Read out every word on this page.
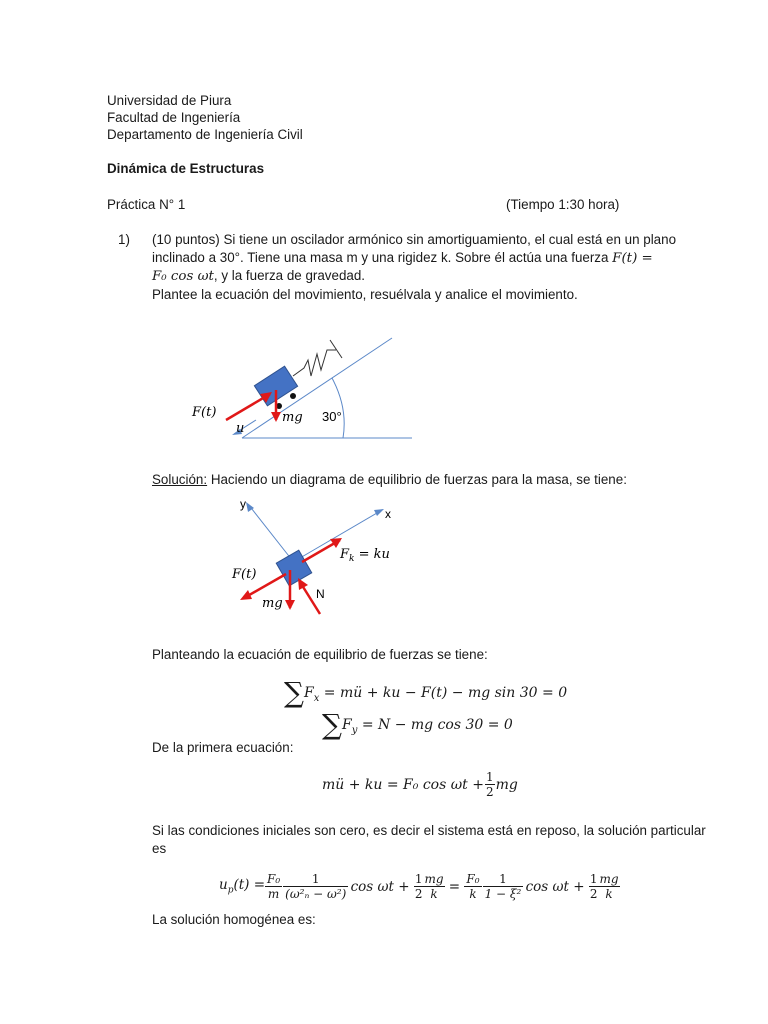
Universidad de Piura
Facultad de Ingeniería
Departamento de Ingeniería Civil
Dinámica de Estructuras
Práctica N° 1	(Tiempo 1:30 hora)
1) (10 puntos) Si tiene un oscilador armónico sin amortiguamiento, el cual está en un plano
inclinado a 30°. Tiene una masa m y una rigidez k. Sobre él actúa una fuerza F(t) =
F₀ cos ωt, y la fuerza de gravedad.
Plantee la ecuación del movimiento, resuélvala y analice el movimiento.
F(t)	mg 30°
u
Solución: Haciendo un diagrama de equilibrio de fuerzas para la masa, se tiene:
y
x
$F_k$ = ku
F(t)
mg
N
Planteando la ecuación de equilibrio de fuerzas se tiene:
$\sum F_x$ = mü + ku − F(t) − mg sin 30 = 0
$\sum F_y = N$ − mg cos 30 = 0
De la primera ecuación:
mü + ku = F₀ $\cos \omega t + \frac{1}{2}$ mg
Si las condiciones iniciales son cero, es decir el sistema está en reposo, la solución particular
es
$u_p(t) = \frac{\text{F₀}}{m} \frac{1}{\text{(ω²ₙ − ω²)}}$ $\cos \omega t + \frac{1}{2} \frac{mg}{k} = \frac{\text{F₀}}{k} \frac{1}{\text{1 − ξ²}}$ $\cos \omega t + \frac{1}{2} \frac{mg}{k}$
La solución homogénea es:
